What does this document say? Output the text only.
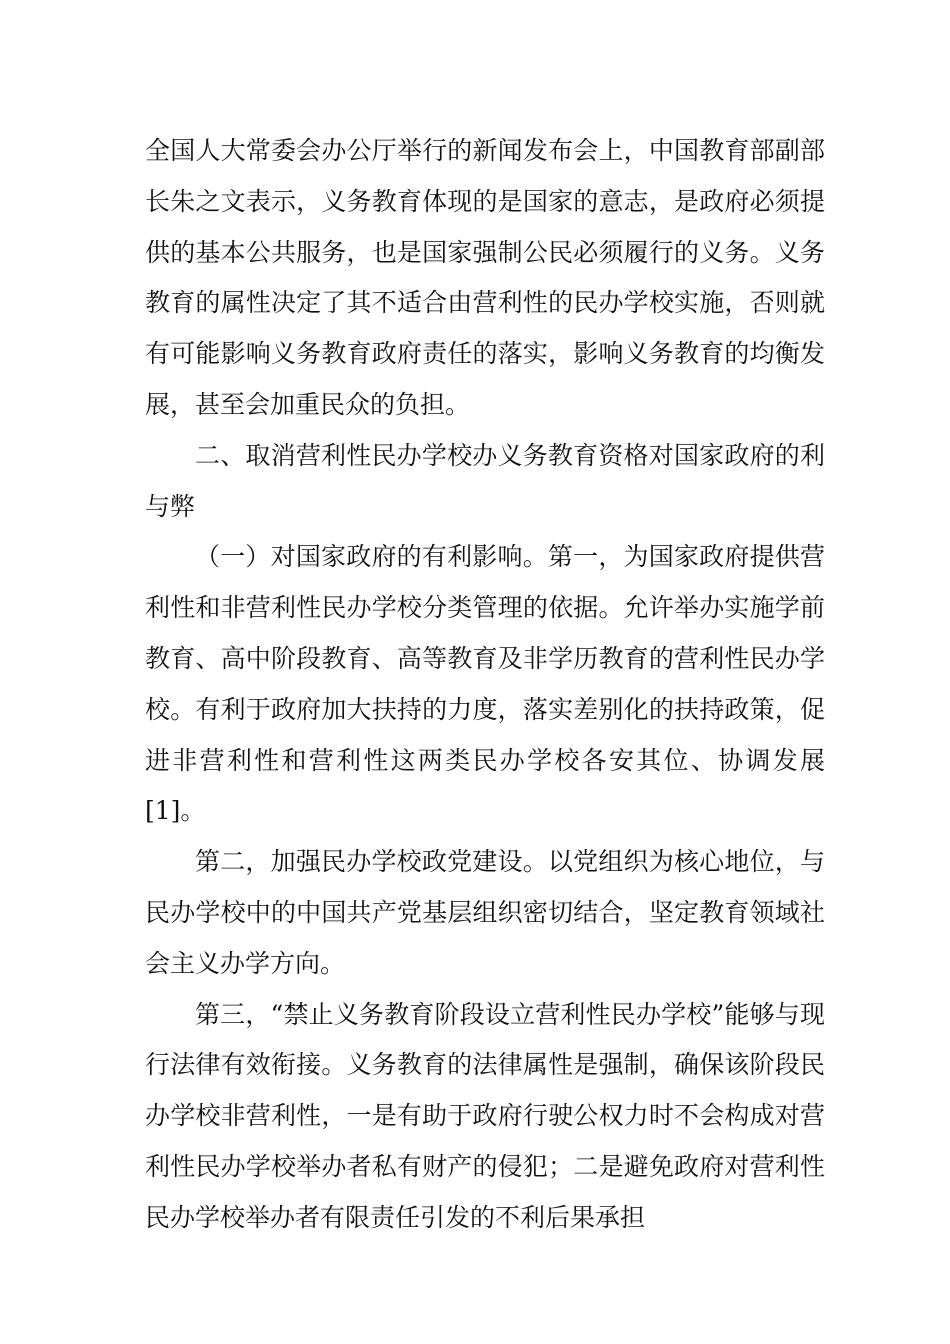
全国人大常委会办公厅举行的新闻发布会上，中国教育部副部长朱之文表示，义务教育体现的是国家的意志，是政府必须提供的基本公共服务，也是国家强制公民必须履行的义务。义务教育的属性决定了其不适合由营利性的民办学校实施，否则就有可能影响义务教育政府责任的落实，影响义务教育的均衡发展，甚至会加重民众的负担。

二、取消营利性民办学校办义务教育资格对国家政府的利与弊

（一）对国家政府的有利影响。第一，为国家政府提供营利性和非营利性民办学校分类管理的依据。允许举办实施学前教育、高中阶段教育、高等教育及非学历教育的营利性民办学校。有利于政府加大扶持的力度，落实差别化的扶持政策，促进非营利性和营利性这两类民办学校各安其位、协调发展[1]。

第二，加强民办学校政党建设。以党组织为核心地位，与民办学校中的中国共产党基层组织密切结合，坚定教育领域社会主义办学方向。

第三，“禁止义务教育阶段设立营利性民办学校”能够与现行法律有效衔接。义务教育的法律属性是强制，确保该阶段民办学校非营利性，一是有助于政府行驶公权力时不会构成对营利性民办学校举办者私有财产的侵犯；二是避免政府对营利性民办学校举办者有限责任引发的不利后果承担
